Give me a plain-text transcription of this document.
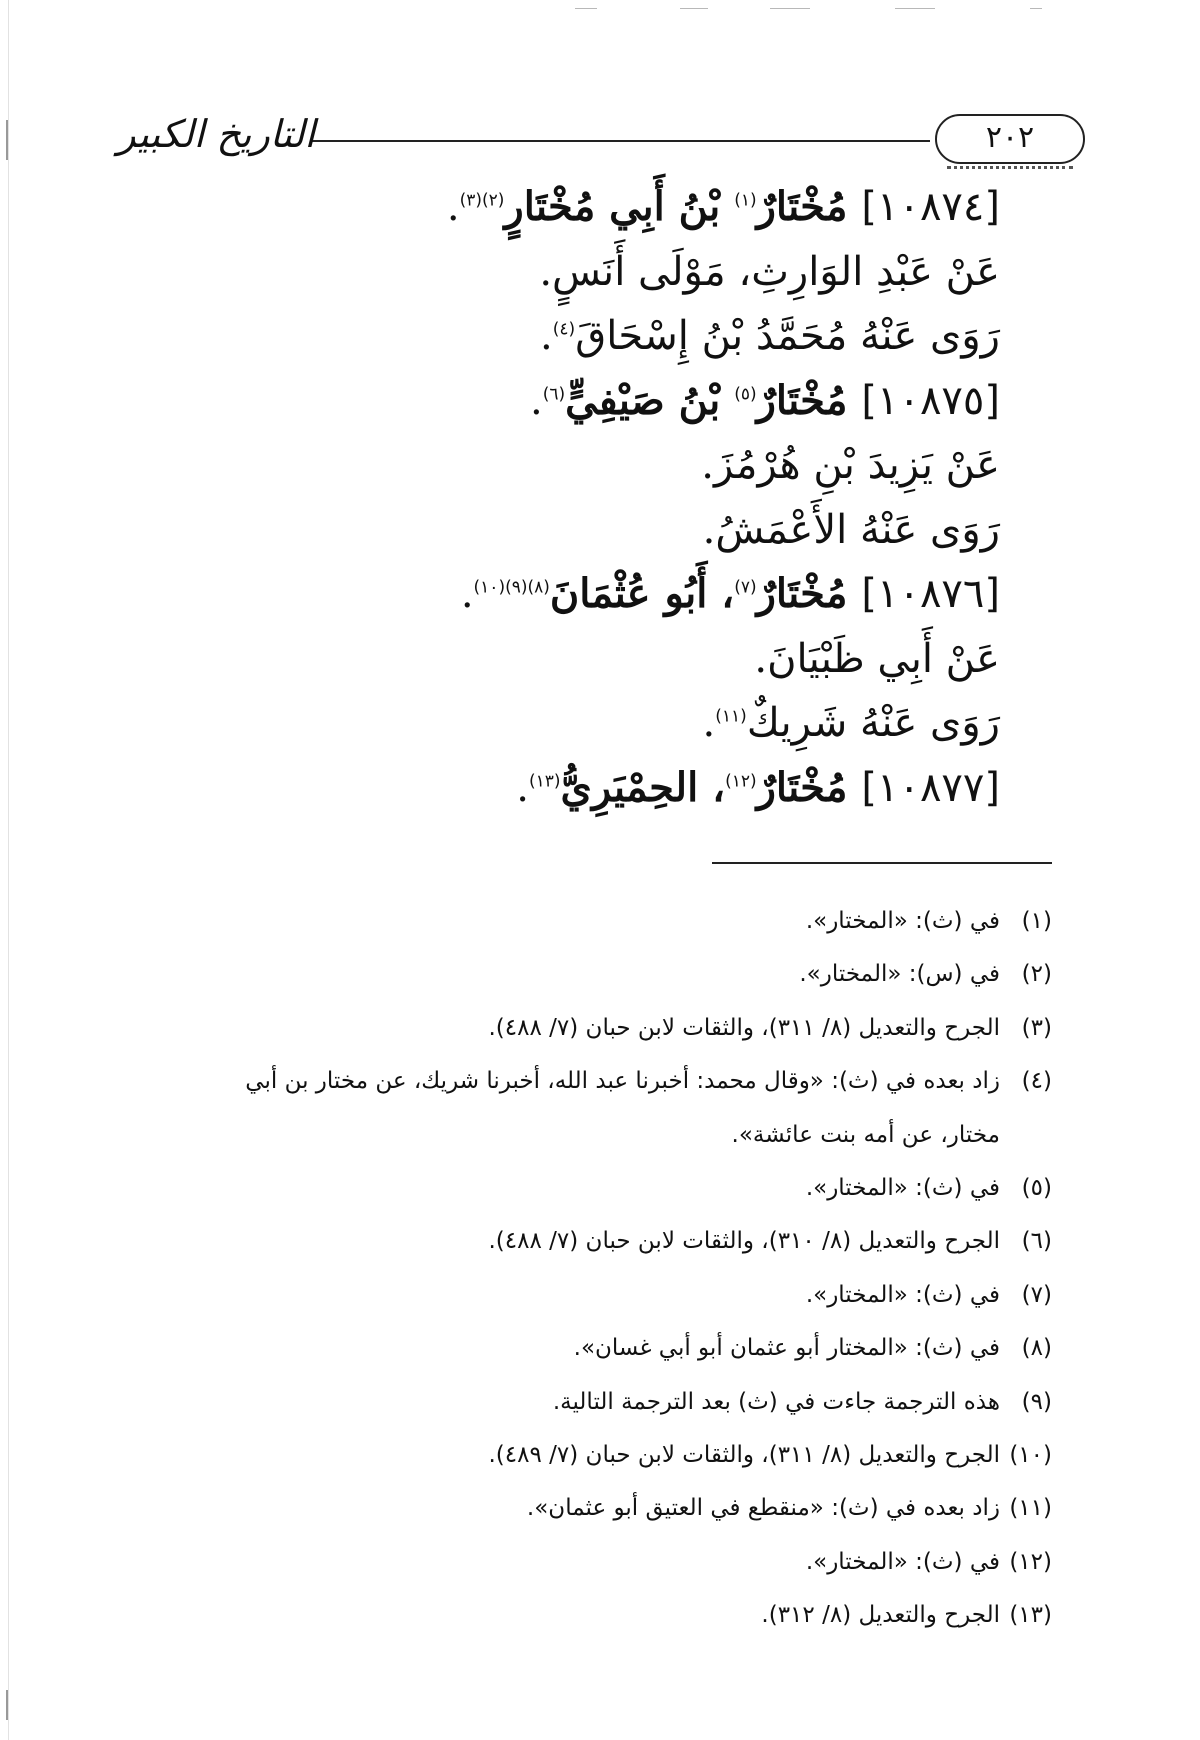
التاريخ الكبير	٢٠٢
[١٠٨٧٤] مُخْتَارٌ$^{(١)}$ بْنُ أَبِي مُخْتَارٍ$^{(٢)(٣)}$.
عَنْ عَبْدِ الوَارِثِ، مَوْلَى أَنَسٍ.
رَوَى عَنْهُ مُحَمَّدُ بْنُ إِسْحَاقَ$^{(٤)}$.
[١٠٨٧٥] مُخْتَارٌ$^{(٥)}$ بْنُ صَيْفِيٍّ$^{(٦)}$.
عَنْ يَزِيدَ بْنِ هُرْمُزَ.
رَوَى عَنْهُ الأَعْمَشُ.
[١٠٨٧٦] مُخْتَارٌ$^{(٧)}$، أَبُو عُثْمَانَ$^{(٨)(٩)(١٠)}$.
عَنْ أَبِي ظَبْيَانَ.
رَوَى عَنْهُ شَرِيكٌ$^{(١١)}$.
[١٠٨٧٧] مُخْتَارٌ$^{(١٢)}$، الحِمْيَرِيُّ$^{(١٣)}$.
(١)
في (ث): «المختار».
(٢)
في (س): «المختار».
(٣)
الجرح والتعديل (٨/ ٣١١)، والثقات لابن حبان (٧/ ٤٨٨).
(٤)
زاد بعده في (ث): «وقال محمد: أخبرنا عبد الله، أخبرنا شريك، عن مختار بن أبي مختار، عن أمه بنت عائشة».
(٥)
في (ث): «المختار».
(٦)
الجرح والتعديل (٨/ ٣١٠)، والثقات لابن حبان (٧/ ٤٨٨).
(٧)
في (ث): «المختار».
(٨)
في (ث): «المختار أبو عثمان أبو أبي غسان».
(٩)
هذه الترجمة جاءت في (ث) بعد الترجمة التالية.
(١٠)
الجرح والتعديل (٨/ ٣١١)، والثقات لابن حبان (٧/ ٤٨٩).
(١١)
زاد بعده في (ث): «منقطع في العتيق أبو عثمان».
(١٢)
في (ث): «المختار».
(١٣)
الجرح والتعديل (٨/ ٣١٢).
